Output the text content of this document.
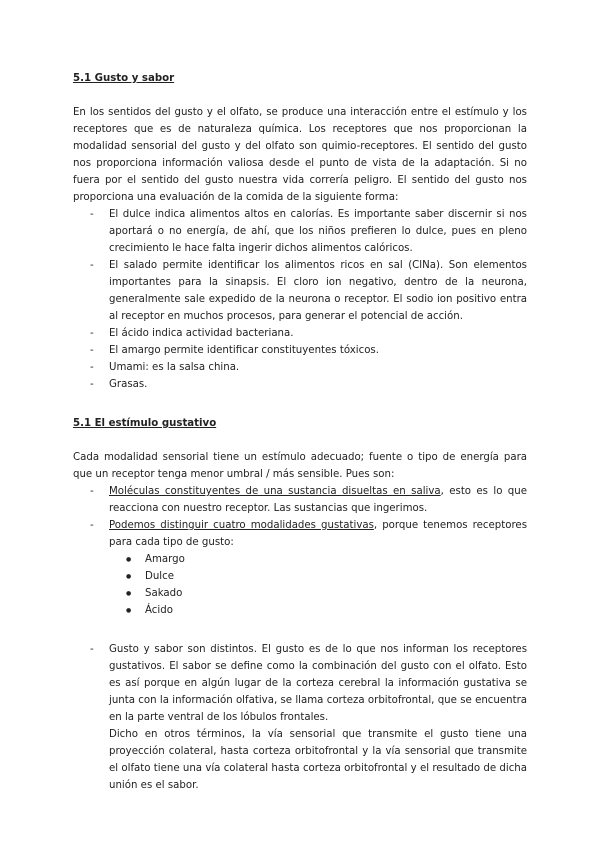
5.1 Gusto y sabor

En los sentidos del gusto y el olfato, se produce una interacción entre el estímulo y los receptores que es de naturaleza química. Los receptores que nos proporcionan la modalidad sensorial del gusto y del olfato son quimio-receptores. El sentido del gusto nos proporciona información valiosa desde el punto de vista de la adaptación. Si no fuera por el sentido del gusto nuestra vida correría peligro. El sentido del gusto nos proporciona una evaluación de la comida de la siguiente forma:

- El dulce indica alimentos altos en calorías. Es importante saber discernir si nos aportará o no energía, de ahí, que los niños prefieren lo dulce, pues en pleno crecimiento le hace falta ingerir dichos alimentos calóricos.
- El salado permite identificar los alimentos ricos en sal (ClNa). Son elementos importantes para la sinapsis. El cloro ion negativo, dentro de la neurona, generalmente sale expedido de la neurona o receptor. El sodio ion positivo entra al receptor en muchos procesos, para generar el potencial de acción.
- El ácido indica actividad bacteriana.
- El amargo permite identificar constituyentes tóxicos.
- Umami: es la salsa china.
- Grasas.
5.1 El estímulo gustativo

Cada modalidad sensorial tiene un estímulo adecuado; fuente o tipo de energía para que un receptor tenga menor umbral / más sensible. Pues son:

- Moléculas constituyentes de una sustancia disueltas en saliva, esto es lo que reacciona con nuestro receptor. Las sustancias que ingerimos.
- Podemos distinguir cuatro modalidades gustativas, porque tenemos receptores para cada tipo de gusto:
● Amargo
● Dulce
● Sakado
● Ácido
- Gusto y sabor son distintos. El gusto es de lo que nos informan los receptores gustativos. El sabor se define como la combinación del gusto con el olfato. Esto es así porque en algún lugar de la corteza cerebral la información gustativa se junta con la información olfativa, se llama corteza orbitofrontal, que se encuentra en la parte ventral de los lóbulos frontales.
Dicho en otros términos, la vía sensorial que transmite el gusto tiene una proyección colateral, hasta corteza orbitofrontal y la vía sensorial que transmite el olfato tiene una vía colateral hasta corteza orbitofrontal y el resultado de dicha unión es el sabor.
